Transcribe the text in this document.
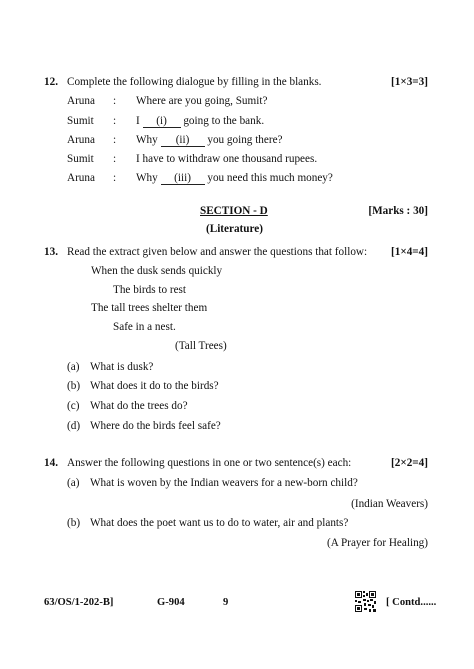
12. Complete the following dialogue by filling in the blanks.	[1×3=3]
Aruna : Where are you going, Sumit?
Sumit : I (i) going to the bank.
Aruna : Why (ii) you going there?
Sumit : I have to withdraw one thousand rupees.
Aruna : Why (iii) you need this much money?
SECTION - D	[Marks : 30]
(Literature)
13. Read the extract given below and answer the questions that follow: [1×4=4]
When the dusk sends quickly
The birds to rest
The tall trees shelter them
Safe in a nest.
(Tall Trees)
(a) What is dusk?
(b) What does it do to the birds?
(c) What do the trees do?
(d) Where do the birds feel safe?
14. Answer the following questions in one or two sentence(s) each:	[2×2=4]
(a) What is woven by the Indian weavers for a new-born child?
(Indian Weavers)
(b) What does the poet want us to do to water, air and plants?
(A Prayer for Healing)
63/OS/1-202-B]	G-904	9	[ Contd......
